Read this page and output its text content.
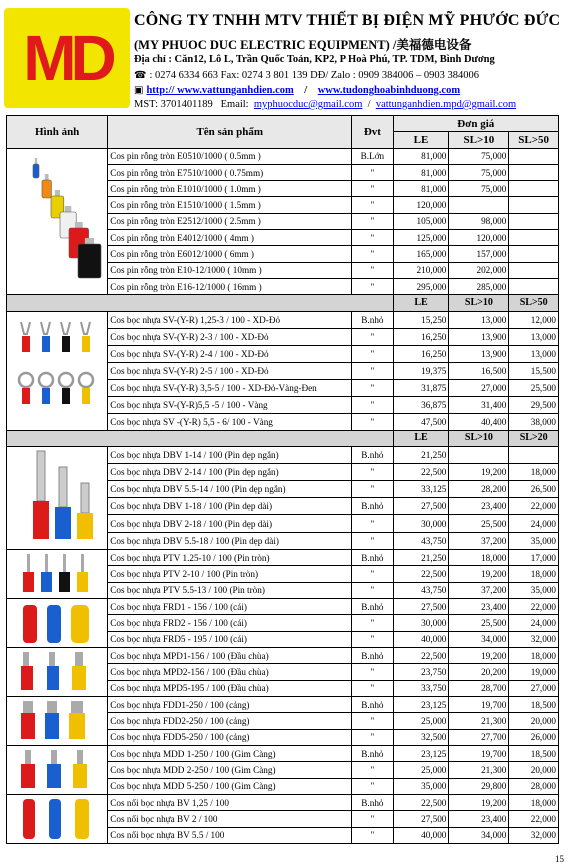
MD
CÔNG TY TNHH MTV THIẾT BỊ ĐIỆN MỸ PHƯỚC ĐỨC
(MY PHUOC DUC ELECTRIC EQUIPMENT) /美福德电设备
Địa chỉ : Căn12, Lô L, Trần Quốc Toản, KP2, P Hoà Phú, TP. TDM, Bình Dương
☎ : 0274 6334 663 Fax: 0274 3 801 139 DĐ/ Zalo : 0909 384006 – 0903 384006
▣ http:// www.vattunganhdien.com / www.tudonghoabinhduong.com
MST: 3701401189 Email: myphuocduc@gmail.com / vattunganhdien.mpd@gmail.com
Hình ảnh	Tên sản phẩm	Đvt	Đơn giá		
			LE	SL>10	SL>50

	Cos pin rỗng tròn E0510/1000 ( 0.5mm )	B.Lớn	81,000	75,000	
	Cos pin rỗng tròn E7510/1000 ( 0.75mm)	"	81,000	75,000	
	Cos pin rỗng tròn E1010/1000 ( 1.0mm )	"	81,000	75,000	
	Cos pin rỗng tròn E1510/1000 ( 1.5mm )	"	120,000		
	Cos pin rỗng tròn E2512/1000 ( 2.5mm )	"	105,000	98,000	
	Cos pin rỗng tròn E4012/1000 ( 4mm )	"	125,000	120,000	
	Cos pin rỗng tròn E6012/1000 ( 6mm )	"	165,000	157,000	
	Cos pin rỗng tròn E10-12/1000 ( 10mm )	"	210,000	202,000	
	Cos pin rỗng tròn E16-12/1000 ( 16mm )	"	295,000	285,000	
			LE	SL>10	SL>50

	Cos bọc nhựa SV-(Y-R) 1,25-3 / 100 - XD-Đỏ	B.nhỏ	15,250	13,000	12,000
	Cos bọc nhựa SV-(Y-R) 2-3 / 100 - XD-Đỏ	"	16,250	13,900	13,000
	Cos bọc nhựa SV-(Y-R) 2-4 / 100 - XD-Đỏ	"	16,250	13,900	13,000
	Cos bọc nhựa SV-(Y-R) 2-5 / 100 - XD-Đỏ	"	19,375	16,500	15,500
	Cos bọc nhựa SV-(Y-R) 3,5-5 / 100 - XD-Đỏ-Vàng-Đen	"	31,875	27,000	25,500
	Cos bọc nhựa SV-(Y-R)5,5 -5 / 100 - Vàng	"	36,875	31,400	29,500
	Cos bọc nhựa SV -(Y-R) 5,5 - 6/ 100 - Vàng	"	47,500	40,400	38,000
			LE	SL>10	SL>20

	Cos bọc nhựa DBV 1-14 / 100 (Pin dẹp ngắn)	B.nhỏ	21,250		
	Cos bọc nhựa DBV 2-14 / 100 (Pin dẹp ngắn)	"	22,500	19,200	18,000
	Cos bọc nhựa DBV 5.5-14 / 100 (Pin dẹp ngắn)	"	33,125	28,200	26,500
	Cos bọc nhựa DBV 1-18 / 100 (Pin dẹp dài)	B.nhỏ	27,500	23,400	22,000
	Cos bọc nhựa DBV 2-18 / 100 (Pin dẹp dài)	"	30,000	25,500	24,000
	Cos bọc nhựa DBV 5.5-18 / 100 (Pin dẹp dài)	"	43,750	37,200	35,000

	Cos bọc nhựa PTV 1.25-10 / 100 (Pin tròn)	B.nhỏ	21,250	18,000	17,000
	Cos bọc nhựa PTV 2-10 / 100 (Pin tròn)	"	22,500	19,200	18,000
	Cos bọc nhựa PTV 5.5-13 / 100 (Pin tròn)	"	43,750	37,200	35,000

	Cos bọc nhựa FRD1 - 156 / 100 (cái)	B.nhỏ	27,500	23,400	22,000
	Cos bọc nhựa FRD2 - 156 / 100 (cái)	"	30,000	25,500	24,000
	Cos bọc nhựa FRD5 - 195 / 100 (cái)	"	40,000	34,000	32,000

	Cos bọc nhựa MPD1-156 / 100 (Đầu chùa)	B.nhỏ	22,500	19,200	18,000
	Cos bọc nhựa MPD2-156 / 100 (Đầu chùa)	"	23,750	20,200	19,000
	Cos bọc nhựa MPD5-195 / 100 (Đầu chùa)	"	33,750	28,700	27,000

	Cos bọc nhựa FDD1-250 / 100 (cảng)	B.nhỏ	23,125	19,700	18,500
	Cos bọc nhựa FDD2-250 / 100 (cảng)	"	25,000	21,300	20,000
	Cos bọc nhựa FDD5-250 / 100 (cảng)	"	32,500	27,700	26,000

	Cos bọc nhựa MDD 1-250 / 100 (Gim Càng)	B.nhỏ	23,125	19,700	18,500
	Cos bọc nhựa MDD 2-250 / 100 (Gim Càng)	"	25,000	21,300	20,000
	Cos bọc nhựa MDD 5-250 / 100 (Gim Càng)	"	35,000	29,800	28,000

	Cos nối bọc nhựa BV 1,25 / 100	B.nhỏ	22,500	19,200	18,000
	Cos nối bọc nhựa BV 2 / 100	"	27,500	23,400	22,000
	Cos nối bọc nhựa BV 5.5 / 100	"	40,000	34,000	32,000
15
